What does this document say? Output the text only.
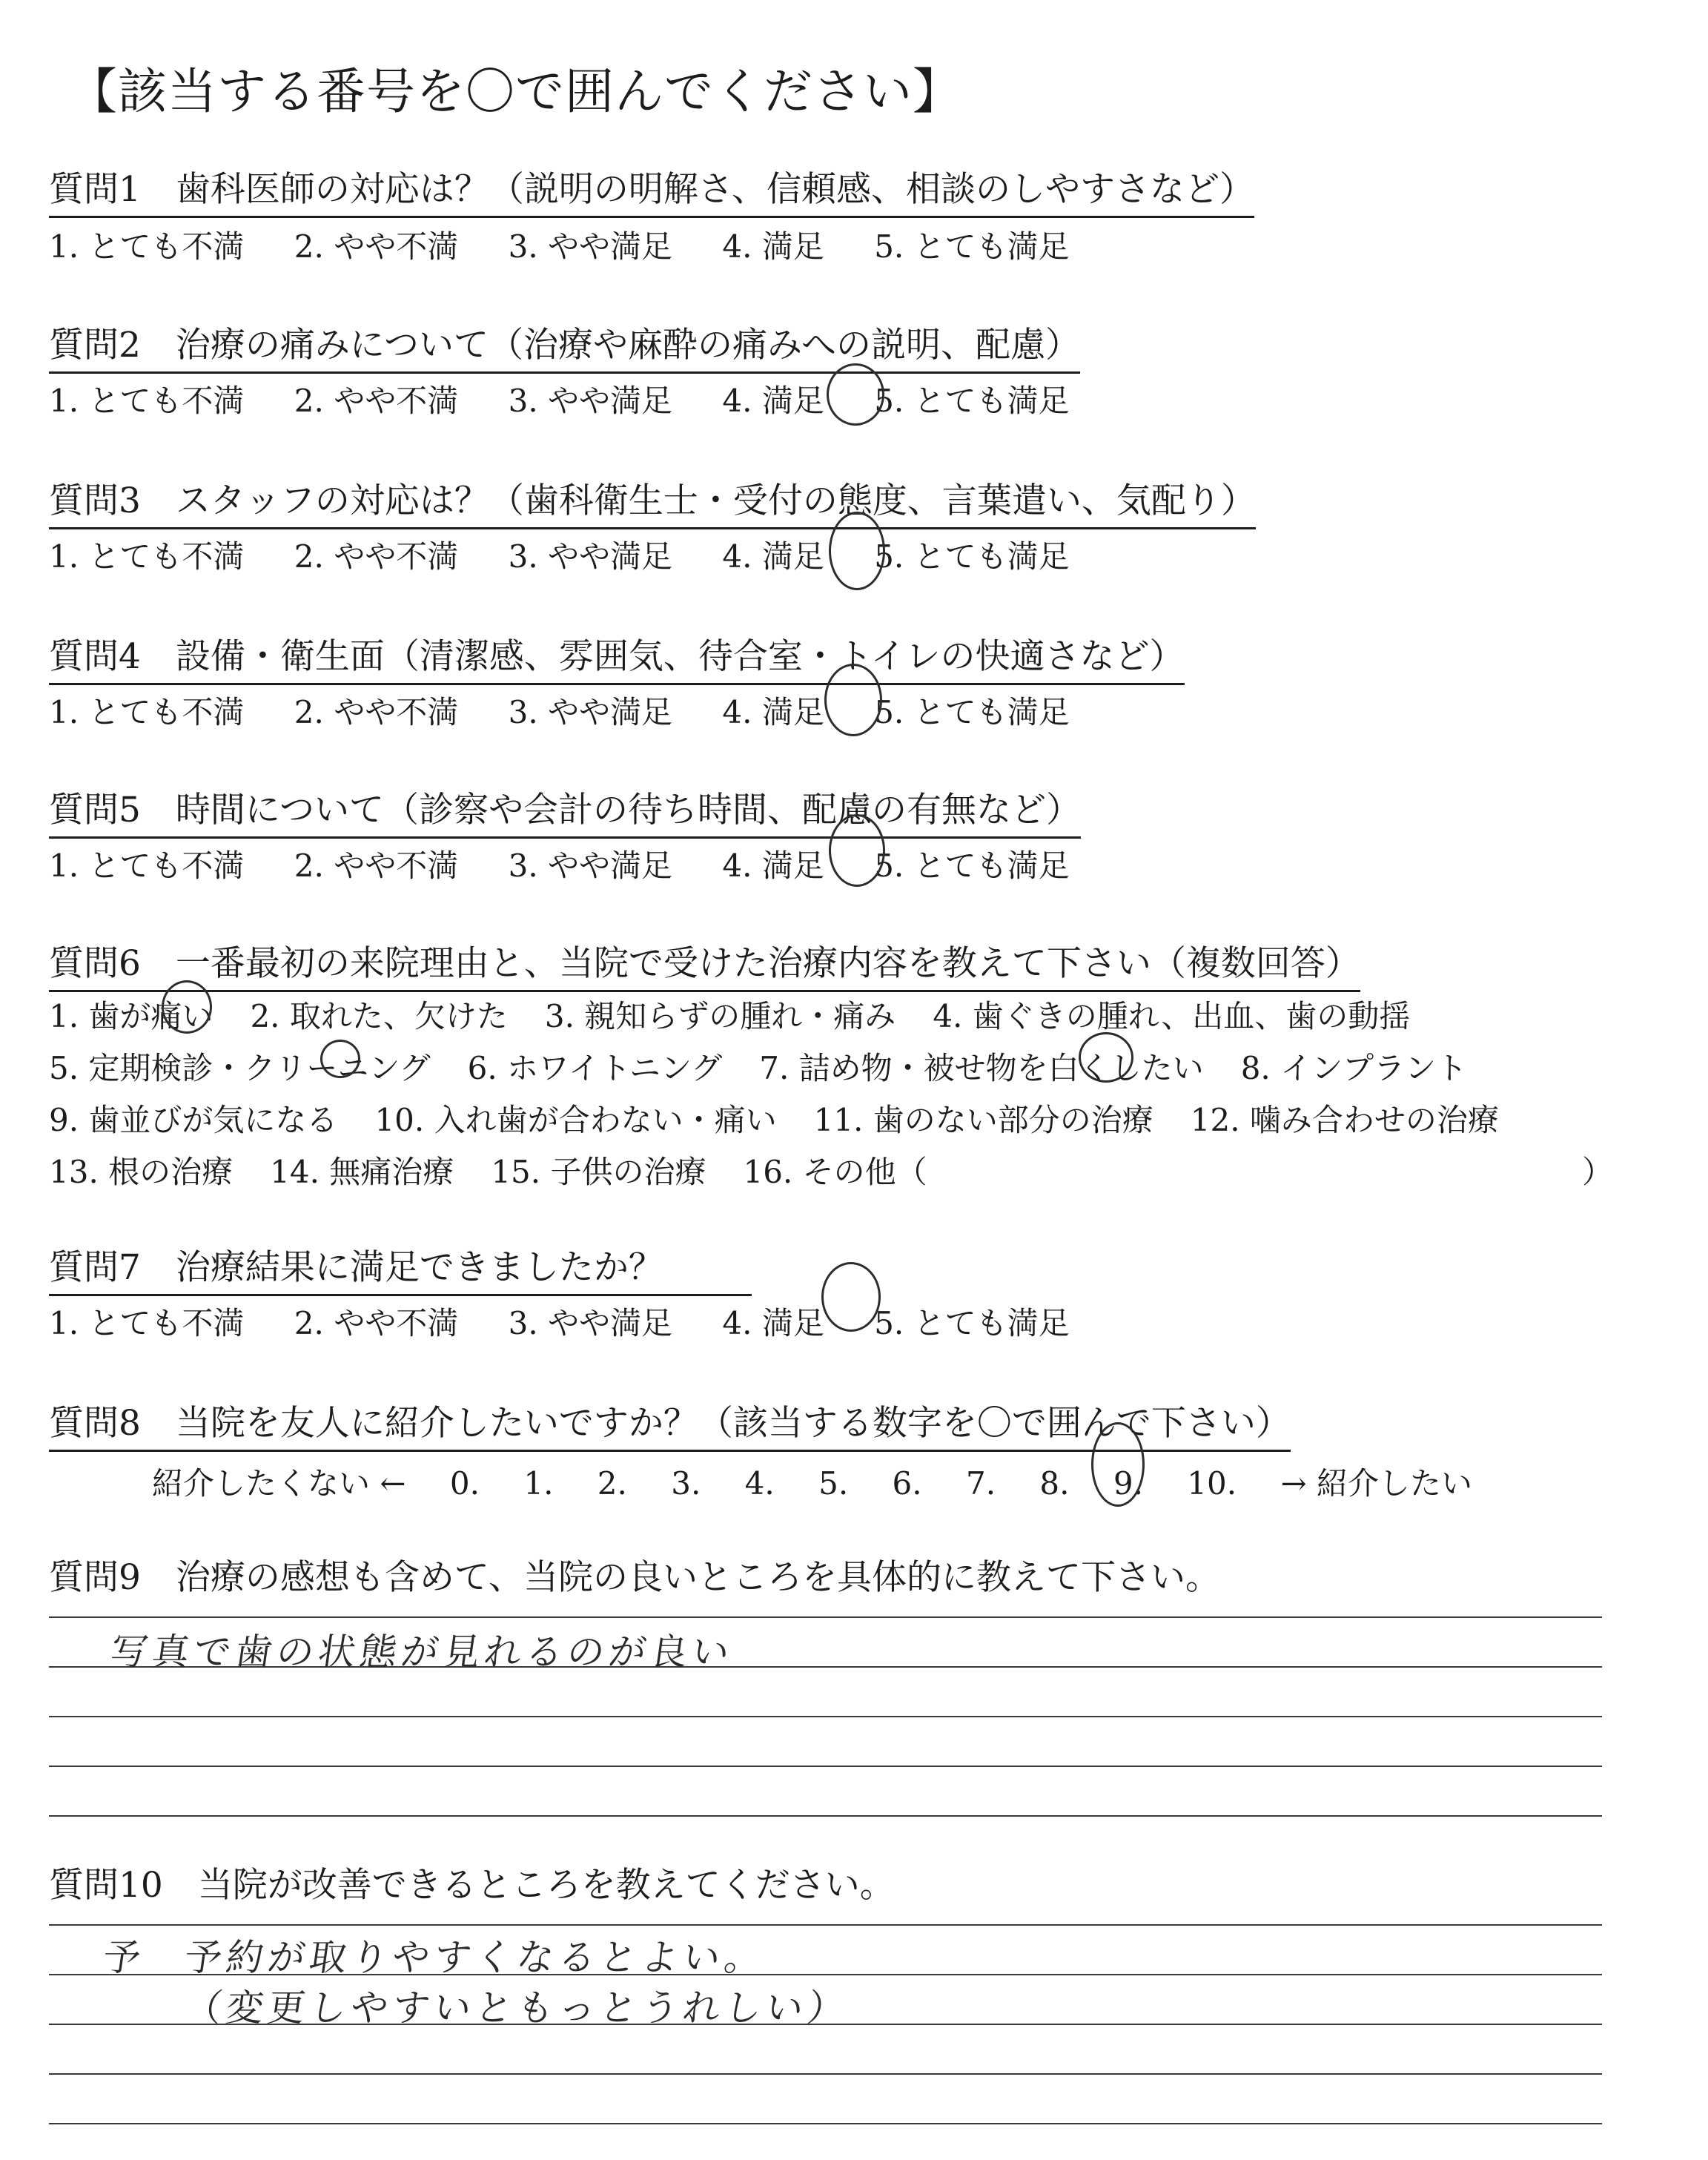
【該当する番号を〇で囲んでください】
質問1　歯科医師の対応は？（説明の明解さ、信頼感、相談のしやすさなど）
1. とても不満 2. やや不満 3. やや満足 4. 満足 5. とても満足
質問2　治療の痛みについて（治療や麻酔の痛みへの説明、配慮）
1. とても不満 2. やや不満 3. やや満足 4. 満足 5. とても満足
質問3　スタッフの対応は？（歯科衛生士・受付の態度、言葉遣い、気配り）
1. とても不満 2. やや不満 3. やや満足 4. 満足 5. とても満足
質問4　設備・衛生面（清潔感、雰囲気、待合室・トイレの快適さなど）
1. とても不満 2. やや不満 3. やや満足 4. 満足 5. とても満足
質問5　時間について（診察や会計の待ち時間、配慮の有無など）
1. とても不満 2. やや不満 3. やや満足 4. 満足 5. とても満足
質問6　一番最初の来院理由と、当院で受けた治療内容を教えて下さい（複数回答）
1. 歯が痛い 2. 取れた、欠けた 3. 親知らずの腫れ・痛み 4. 歯ぐきの腫れ、出血、歯の動揺
5. 定期検診・クリーニング 6. ホワイトニング 7. 詰め物・被せ物を白くしたい 8. インプラント
9. 歯並びが気になる 10. 入れ歯が合わない・痛い 11. 歯のない部分の治療 12. 噛み合わせの治療
13. 根の治療 14. 無痛治療 15. 子供の治療 16. その他（	）
質問7　治療結果に満足できましたか？
1. とても不満 2. やや不満 3. やや満足 4. 満足 5. とても満足
質問8　当院を友人に紹介したいですか？（該当する数字を〇で囲んで下さい）
紹介したくない ← 0. 1. 2. 3. 4. 5. 6. 7. 8. 9. 10. → 紹介したい
質問9　治療の感想も含めて、当院の良いところを具体的に教えて下さい。
写真で歯の状態が見れるのが良い
質問10　当院が改善できるところを教えてください。
予 予約が取りやすくなるとよい。
（変更しやすいともっとうれしい）
